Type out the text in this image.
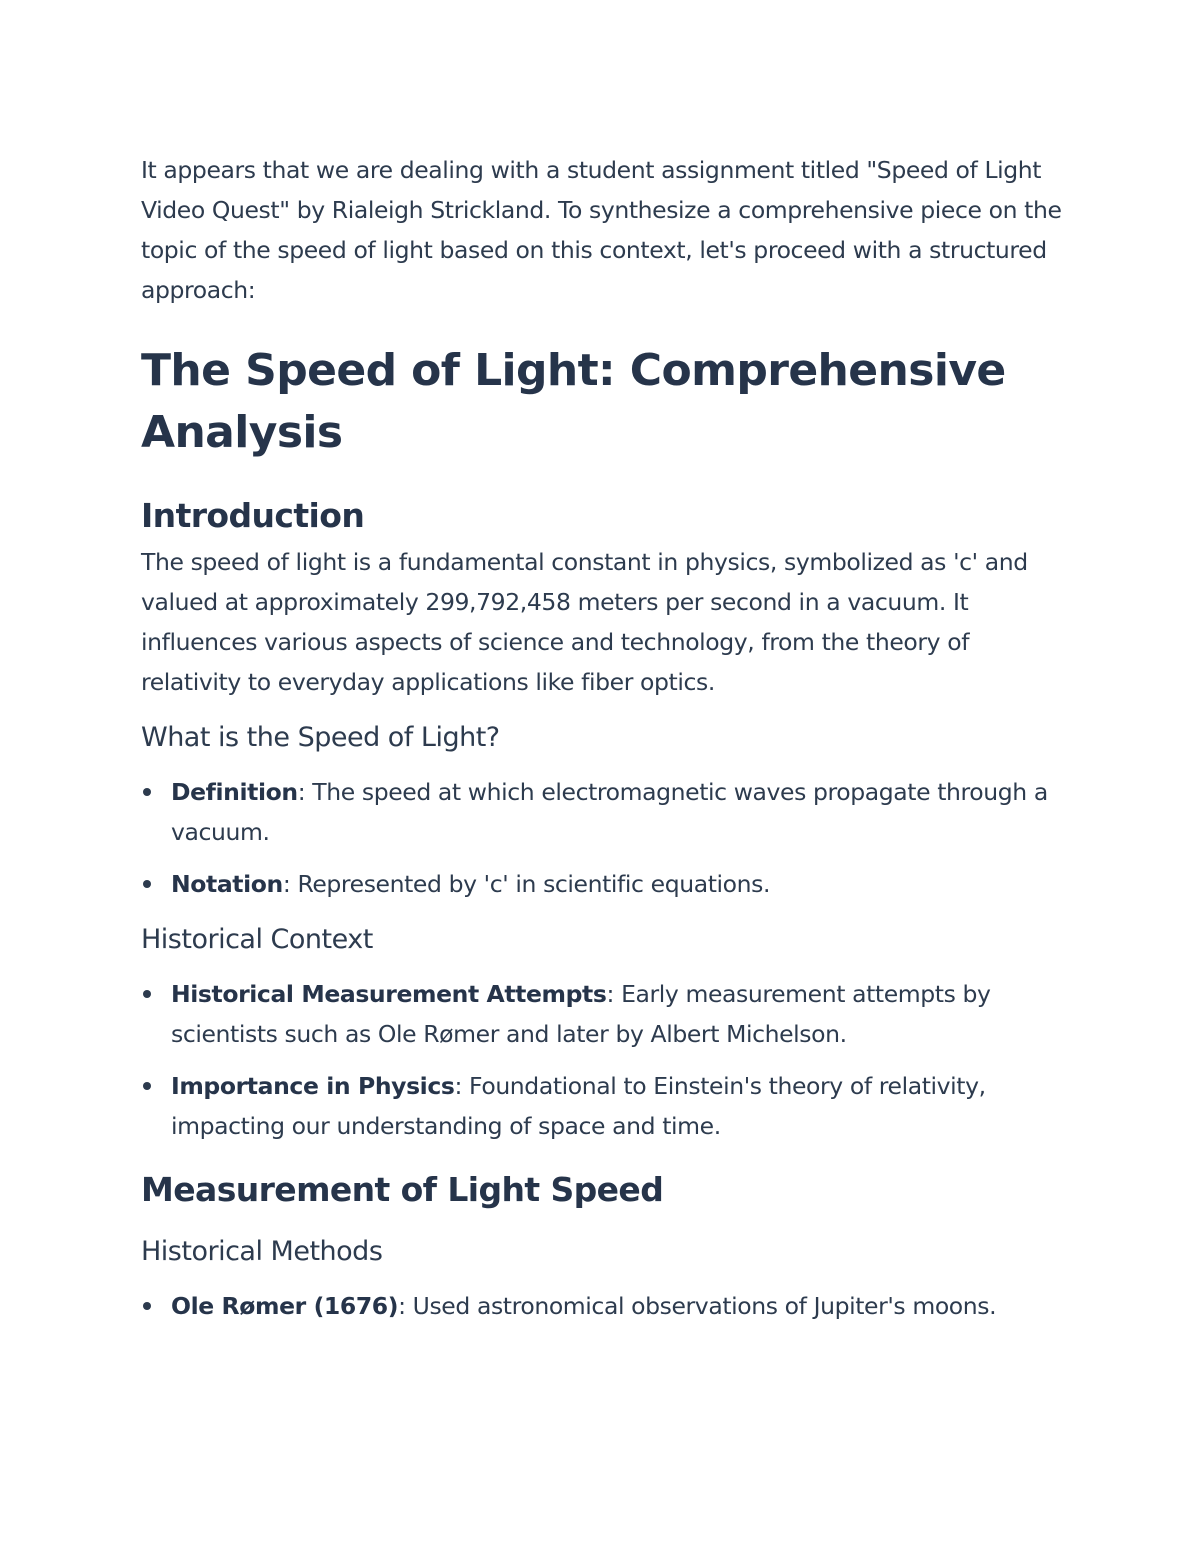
It appears that we are dealing with a student assignment titled "Speed of Light Video Quest" by Rialeigh Strickland. To synthesize a comprehensive piece on the topic of the speed of light based on this context, let's proceed with a structured approach:

The Speed of Light: Comprehensive Analysis
Introduction

The speed of light is a fundamental constant in physics, symbolized as 'c' and valued at approximately 299,792,458 meters per second in a vacuum. It influences various aspects of science and technology, from the theory of relativity to everyday applications like fiber optics.

What is the Speed of Light?
Definition: The speed at which electromagnetic waves propagate through a vacuum.
Notation: Represented by 'c' in scientific equations.
Historical Context
Historical Measurement Attempts: Early measurement attempts by scientists such as Ole Rømer and later by Albert Michelson.
Importance in Physics: Foundational to Einstein's theory of relativity, impacting our understanding of space and time.
Measurement of Light Speed
Historical Methods
Ole Rømer (1676): Used astronomical observations of Jupiter's moons.
